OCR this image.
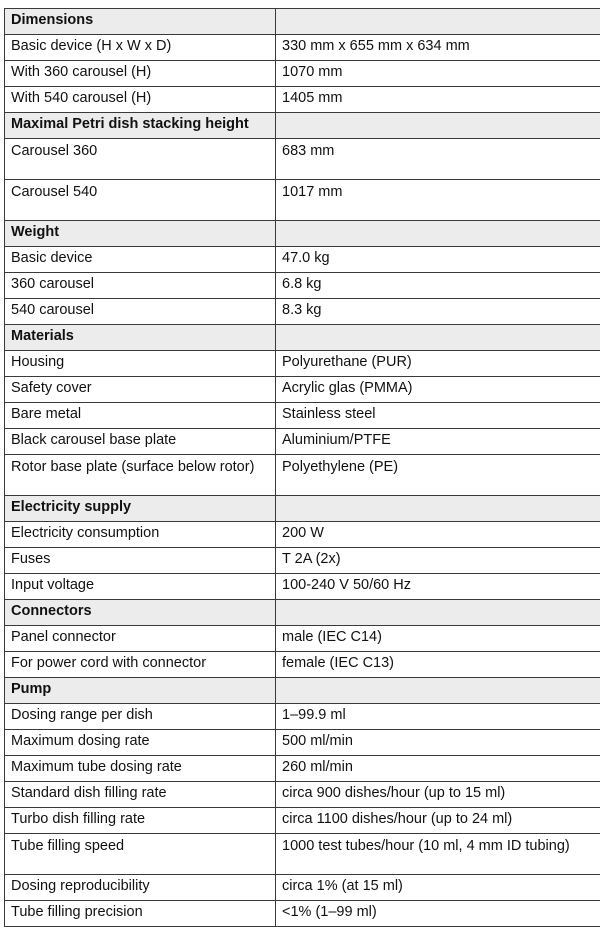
Dimensions	
Basic device (H x W x D)	330 mm x 655 mm x 634 mm
With 360 carousel (H)	1070 mm
With 540 carousel (H)	1405 mm
Maximal Petri dish stacking height	
Carousel 360	683 mm
Carousel 540	1017 mm
Weight	
Basic device	47.0 kg
360 carousel	6.8 kg
540 carousel	8.3 kg
Materials	
Housing	Polyurethane (PUR)
Safety cover	Acrylic glas (PMMA)
Bare metal	Stainless steel
Black carousel base plate	Aluminium/PTFE
Rotor base plate (surface below rotor)	Polyethylene (PE)
Electricity supply	
Electricity consumption	200 W
Fuses	T 2A (2x)
Input voltage	100-240 V 50/60 Hz
Connectors	
Panel connector	male (IEC C14)
For power cord with connector	female (IEC C13)
Pump	
Dosing range per dish	1–99.9 ml
Maximum dosing rate	500 ml/min
Maximum tube dosing rate	260 ml/min
Standard dish filling rate	circa 900 dishes/hour (up to 15 ml)
Turbo dish filling rate	circa 1100 dishes/hour (up to 24 ml)
Tube filling speed	1000 test tubes/hour (10 ml, 4 mm ID tubing)
Dosing reproducibility	circa 1% (at 15 ml)
Tube filling precision	<1% (1–99 ml)
